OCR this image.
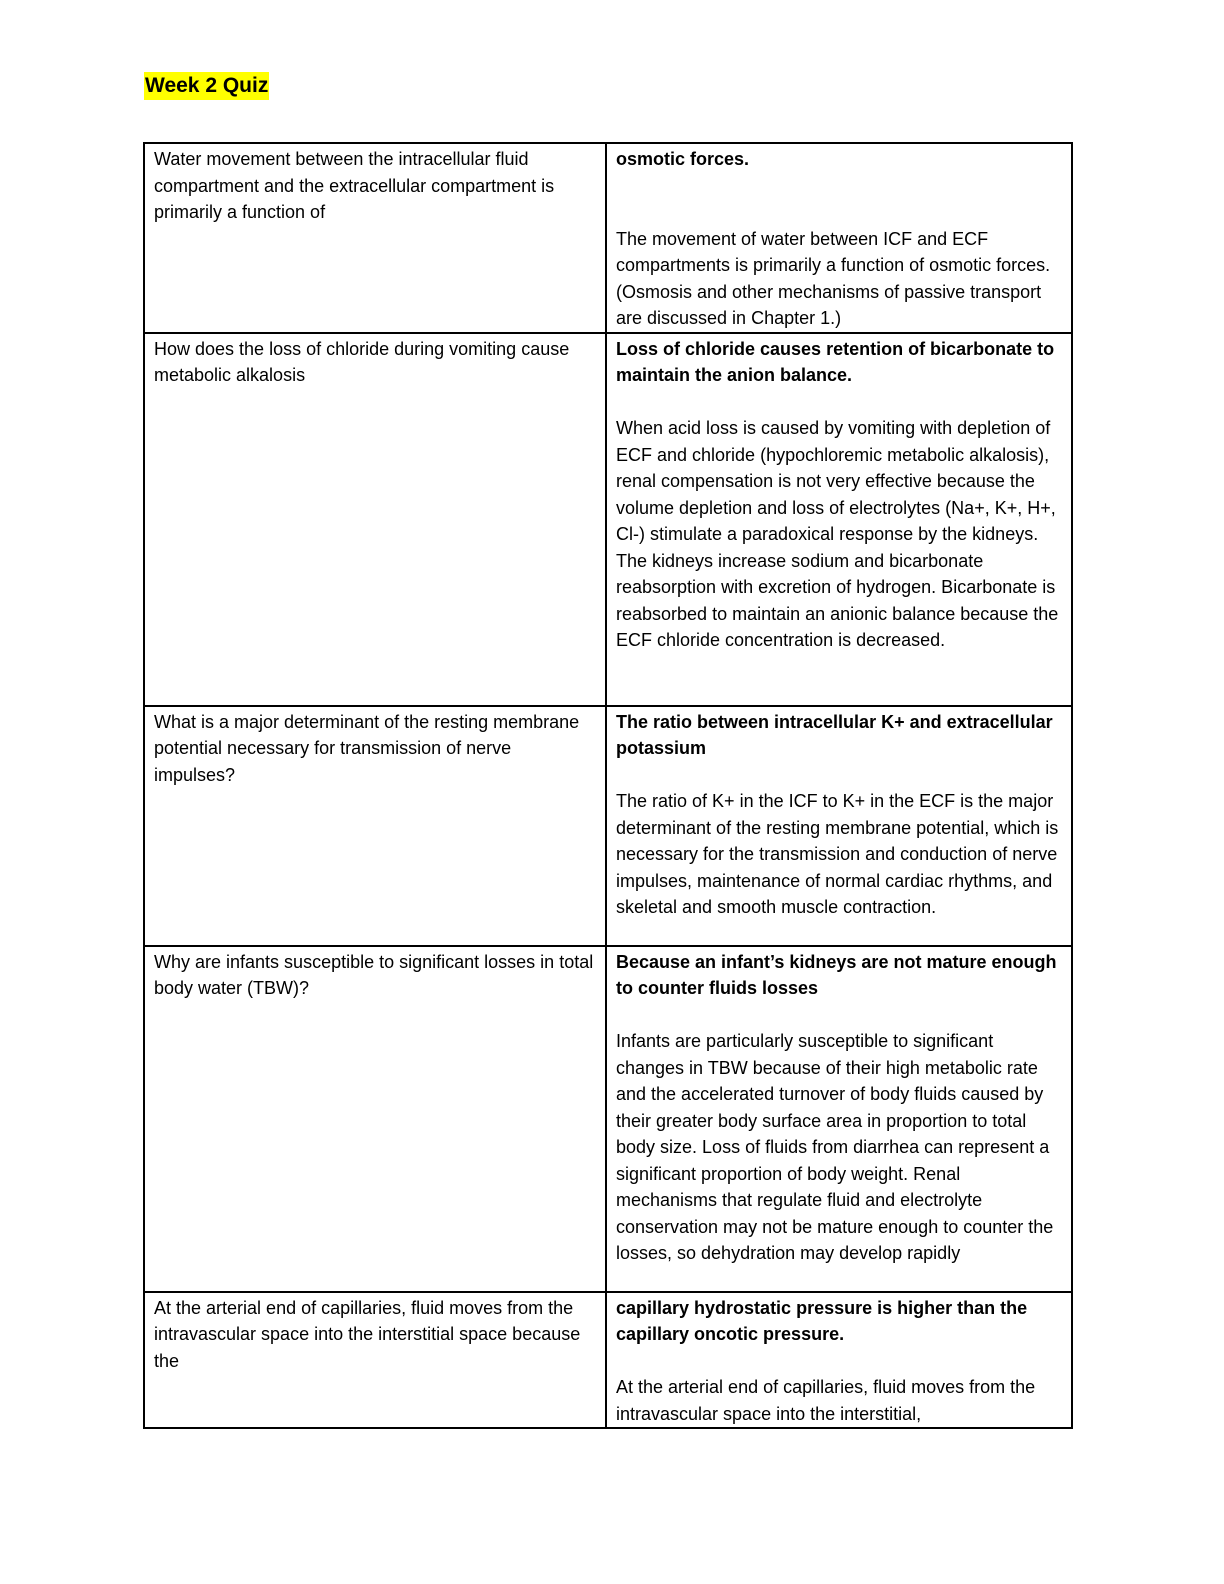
Week 2 Quiz

Water movement between the intracellular fluid compartment and the extracellular compartment is primarily a function of	osmotic forces.

The movement of water between ICF and ECF compartments is primarily a function of osmotic forces. (Osmosis and other mechanisms of passive transport are discussed in Chapter 1.)

How does the loss of chloride during vomiting cause metabolic alkalosis	Loss of chloride causes retention of bicarbonate to maintain the anion balance.

When acid loss is caused by vomiting with depletion of ECF and chloride (hypochloremic metabolic alkalosis), renal compensation is not very effective because the volume depletion and loss of electrolytes (Na+, K+, H+, Cl-) stimulate a paradoxical response by the kidneys. The kidneys increase sodium and bicarbonate reabsorption with excretion of hydrogen. Bicarbonate is reabsorbed to maintain an anionic balance because the ECF chloride concentration is decreased.

What is a major determinant of the resting membrane potential necessary for transmission of nerve impulses?	The ratio between intracellular K+ and extracellular potassium

The ratio of K+ in the ICF to K+ in the ECF is the major determinant of the resting membrane potential, which is necessary for the transmission and conduction of nerve impulses, maintenance of normal cardiac rhythms, and skeletal and smooth muscle contraction.

Why are infants susceptible to significant losses in total body water (TBW)?	Because an infant’s kidneys are not mature enough to counter fluids losses

Infants are particularly susceptible to significant changes in TBW because of their high metabolic rate and the accelerated turnover of body fluids caused by their greater body surface area in proportion to total body size. Loss of fluids from diarrhea can represent a significant proportion of body weight. Renal mechanisms that regulate fluid and electrolyte conservation may not be mature enough to counter the losses, so dehydration may develop rapidly

At the arterial end of capillaries, fluid moves from the intravascular space into the interstitial space because the	capillary hydrostatic pressure is higher than the capillary oncotic pressure.

At the arterial end of capillaries, fluid moves from the intravascular space into the interstitial,
